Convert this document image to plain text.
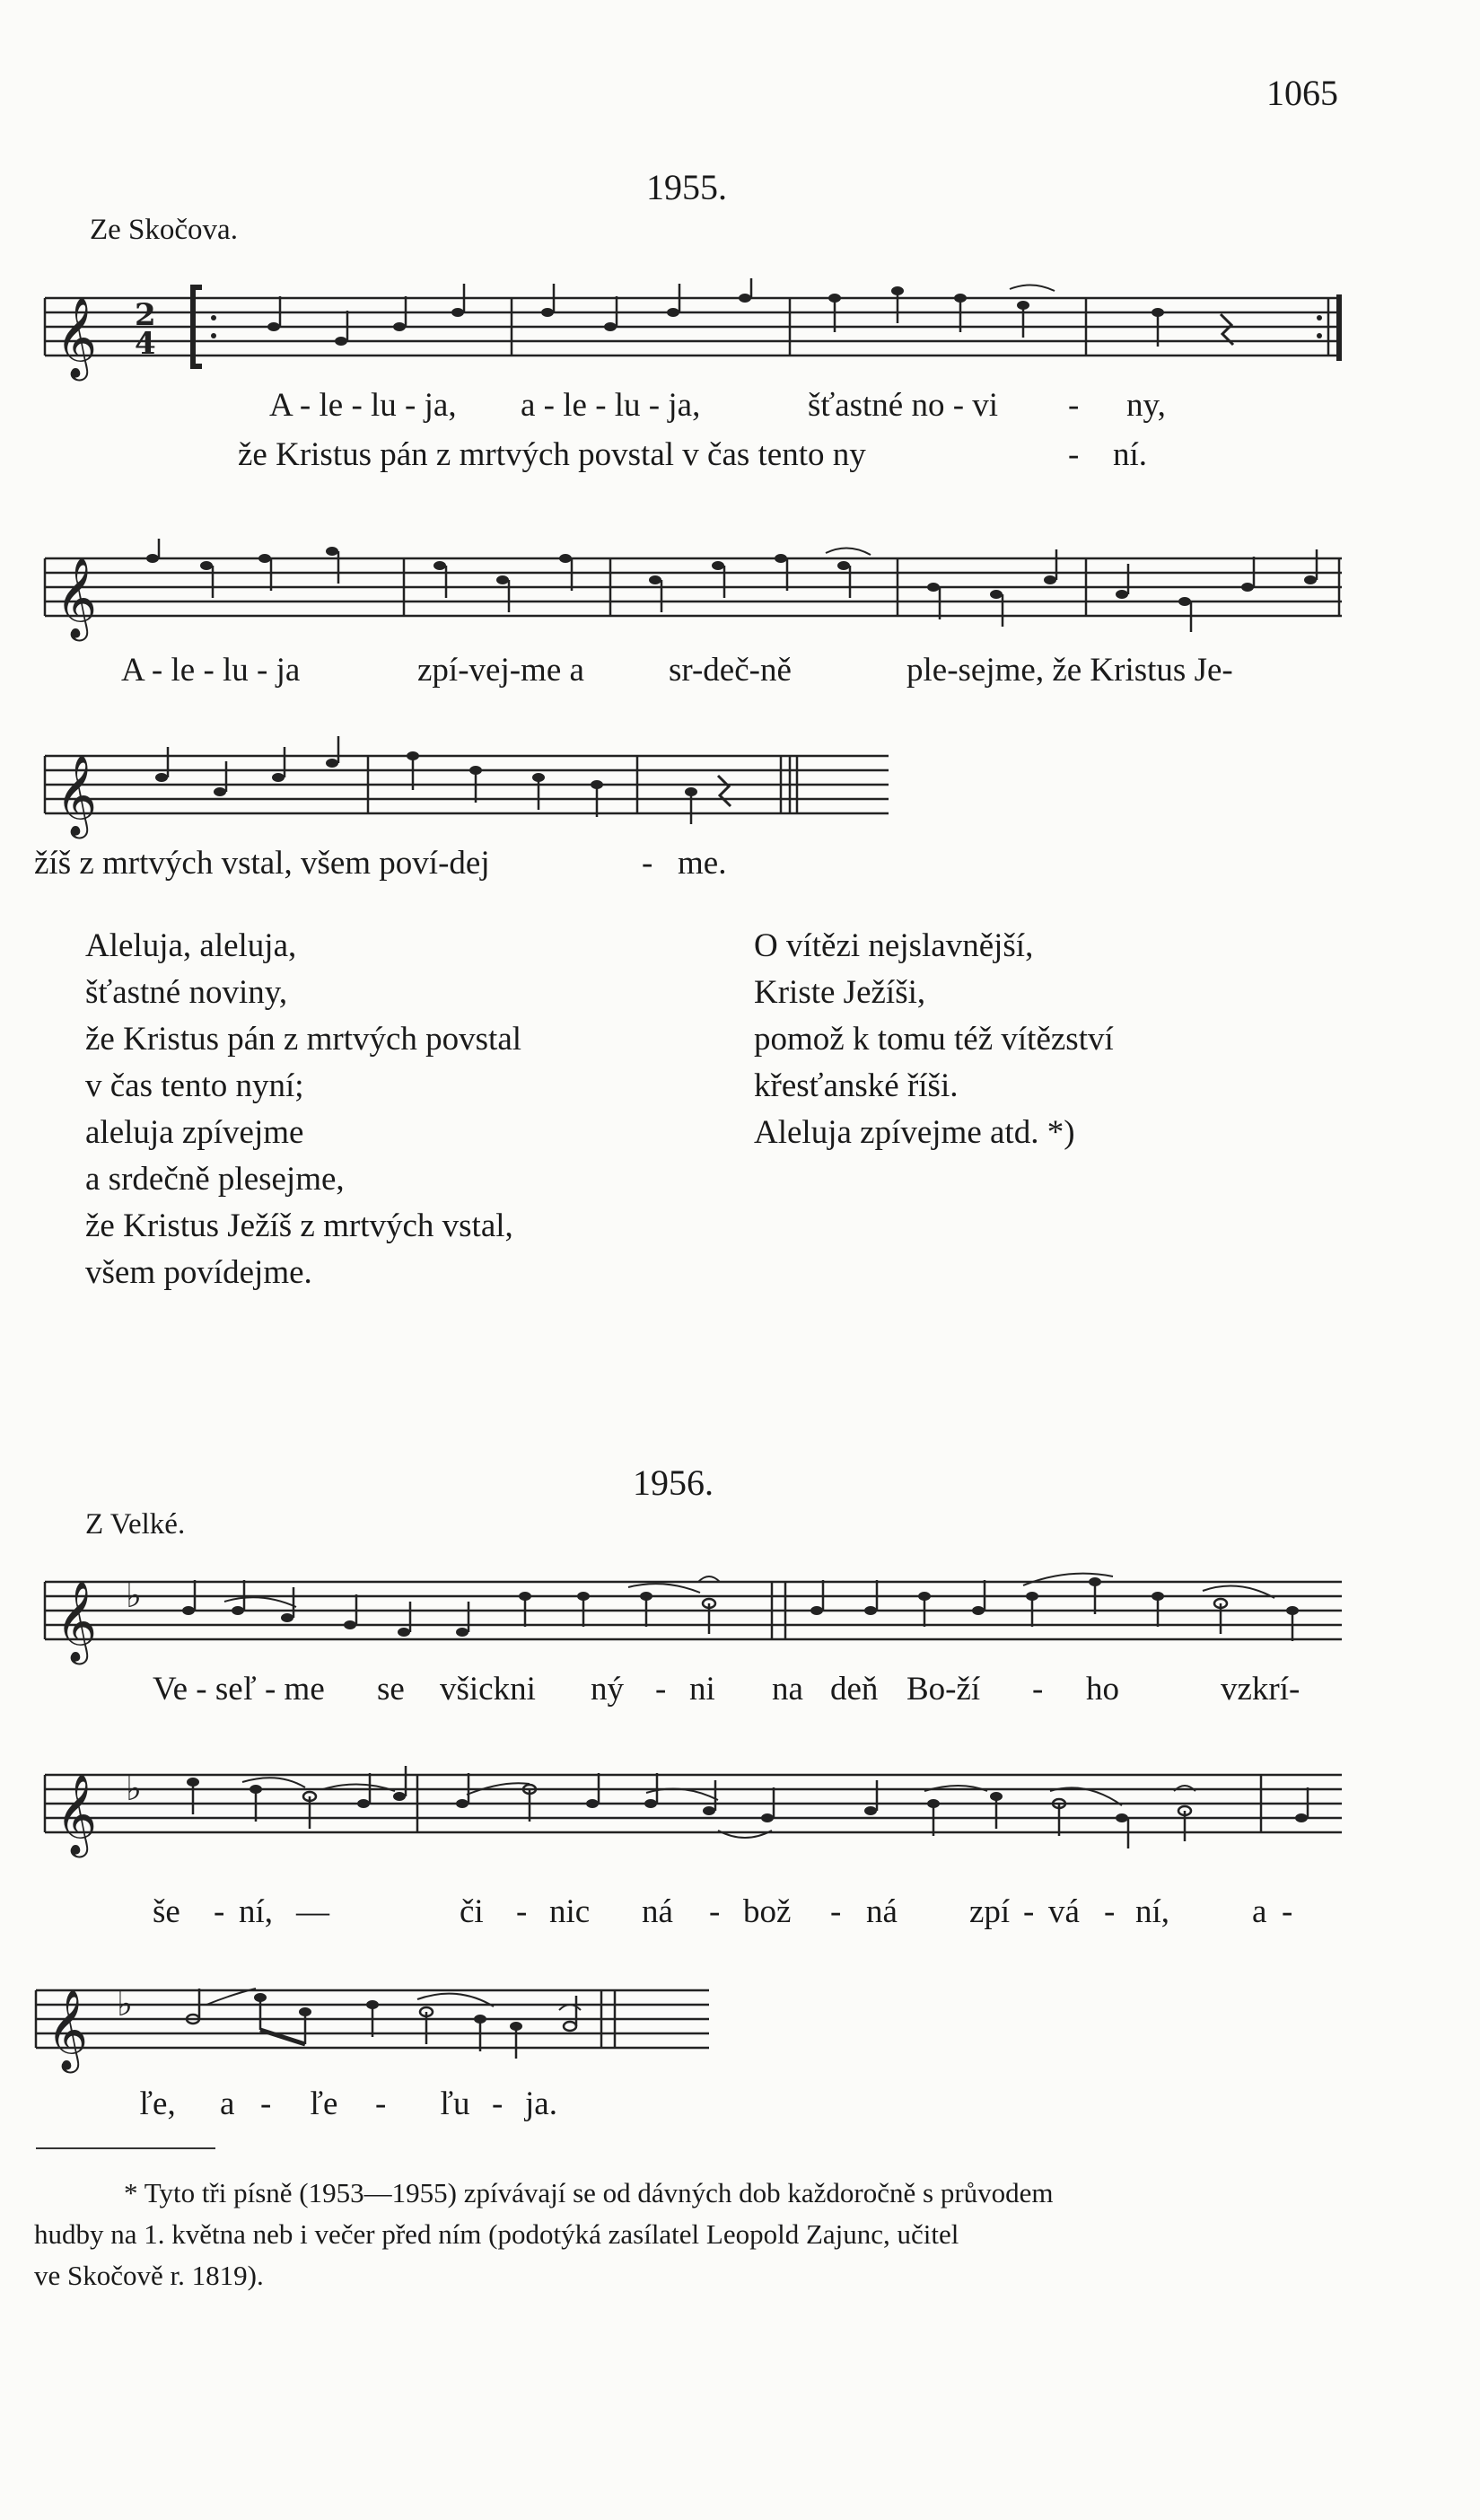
1065
1955.
Ze Skočova.
𝄞 2
4
A - le - lu - ja, a - le - lu - ja,	šťastné no - vi - ny,
že Kristus pán z mrtvých povstal v čas tento ny	- ní.
𝄞
A - le - lu - ja	zpí-vej-me a	sr-deč-ně	ple-sejme, že Kristus Je-
𝄞
žíš z mrtvých vstal, všem poví-dej	- me.
Aleluja, aleluja,
šťastné noviny,
že Kristus pán z mrtvých povstal
v čas tento nyní;
aleluja zpívejme
a srdečně plesejme,
že Kristus Ježíš z mrtvých vstal,
všem povídejme.
O vítězi nejslavnější,
Kriste Ježíši,
pomož k tomu též vítězství
křesťanské říši.
Aleluja zpívejme atd. *)
1956.
Z Velké.
𝄞 ♭
Ve - seľ - me se všickni ný - ni na deň Bo-ží - ho	vzkrí-
𝄞 ♭
še - ní, —	či - nic ná - bož - ná zpí - vá - ní, a -
𝄞 ♭
ľe, a - ľe - ľu - ja.
* Tyto tři písně (1953—1955) zpívávají se od dávných dob každoročně s průvodem
hudby na 1. května neb i večer před ním (podotýká zasílatel Leopold Zajunc, učitel
ve Skočově r. 1819).
